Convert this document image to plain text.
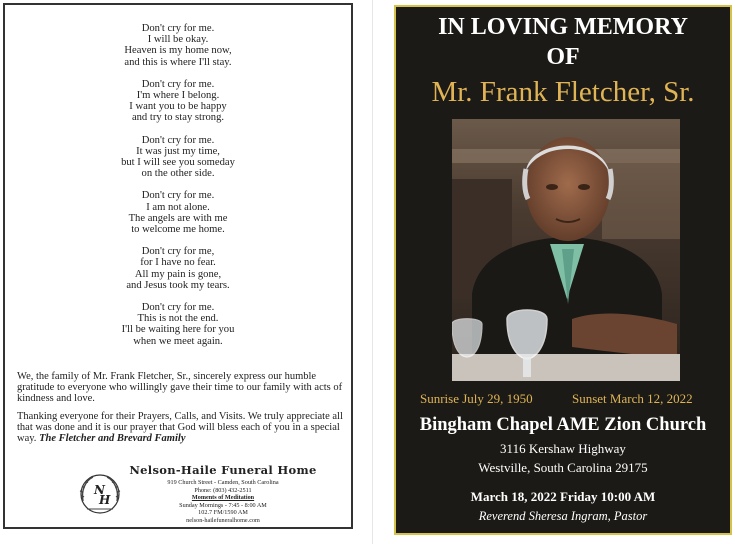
Don't cry for me.
I will be okay.
Heaven is my home now,
and this is where I'll stay.
Don't cry for me.
I'm where I belong.
I want you to be happy
and try to stay strong.
Don't cry for me.
It was just my time,
but I will see you someday
on the other side.
Don't cry for me.
I am not alone.
The angels are with me
to welcome me home.
Don't cry for me,
for I have no fear.
All my pain is gone,
and Jesus took my tears.
Don't cry for me.
This is not the end.
I'll be waiting here for you
when we meet again.

We, the family of Mr. Frank Fletcher, Sr., sincerely express our humble gratitude to everyone who willingly gave their time to our family with acts of kindness and love.

Thanking everyone for their Prayers, Calls, and Visits. We truly appreciate all that was done and it is our prayer that God will bless each of you in a special way. The Fletcher and Brevard Family

N
H
Nelson-Haile Funeral Home
919 Church Street - Camden, South Carolina
Phone: (803) 432-2511
Moments of Meditation
Sunday Mornings - 7:45 - 8:00 AM
102.7 FM/1590 AM
nelson-hailefuneralhome.com
IN LOVING MEMORY
OF
Mr. Frank Fletcher, Sr.
Sunrise July 29, 1950	Sunset March 12, 2022
Bingham Chapel AME Zion Church
3116 Kershaw Highway
Westville, South Carolina 29175
March 18, 2022 Friday 10:00 AM
Reverend Sheresa Ingram, Pastor
